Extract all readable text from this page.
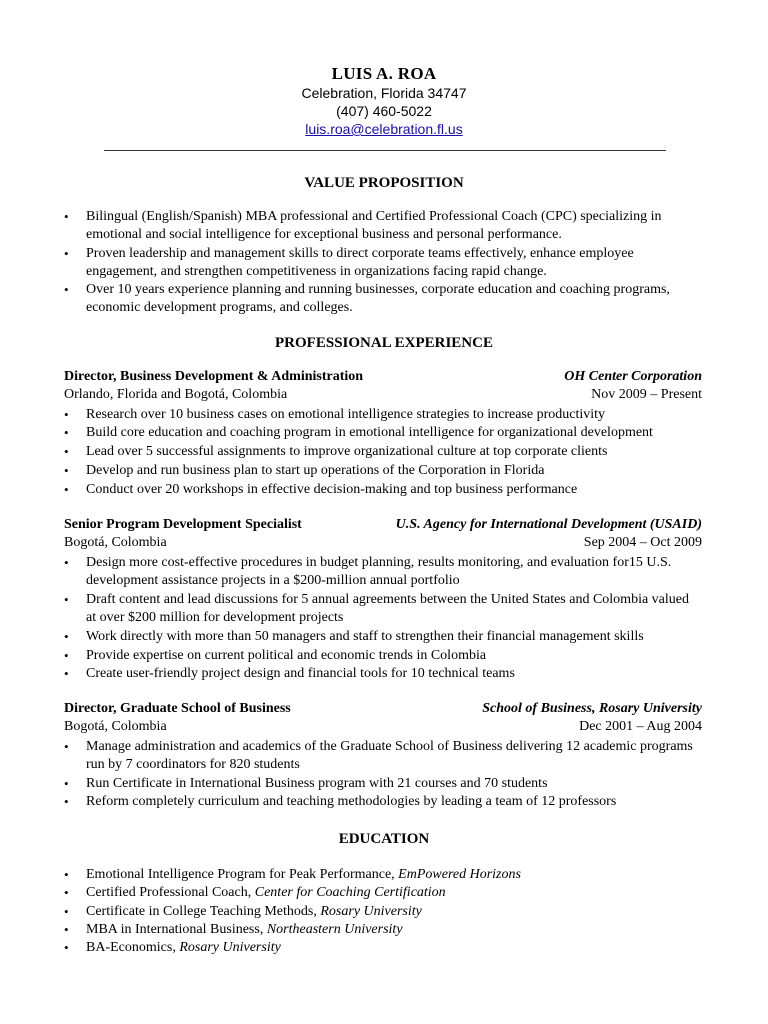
LUIS A. ROA
Celebration, Florida 34747
(407) 460-5022
luis.roa@celebration.fl.us
VALUE PROPOSITION
• Bilingual (English/Spanish) MBA professional and Certified Professional Coach (CPC) specializing in emotional and social intelligence for exceptional business and personal performance.
• Proven leadership and management skills to direct corporate teams effectively, enhance employee engagement, and strengthen competitiveness in organizations facing rapid change.
• Over 10 years experience planning and running businesses, corporate education and coaching programs, economic development programs, and colleges.
PROFESSIONAL EXPERIENCE
Director, Business Development & Administration	OH Center Corporation
Orlando, Florida and Bogotá, Colombia	Nov 2009 – Present
• Research over 10 business cases on emotional intelligence strategies to increase productivity
• Build core education and coaching program in emotional intelligence for organizational development
• Lead over 5 successful assignments to improve organizational culture at top corporate clients
• Develop and run business plan to start up operations of the Corporation in Florida
• Conduct over 20 workshops in effective decision-making and top business performance
Senior Program Development Specialist	U.S. Agency for International Development (USAID)
Bogotá, Colombia	Sep 2004 – Oct 2009
• Design more cost-effective procedures in budget planning, results monitoring, and evaluation for15 U.S. development assistance projects in a $200-million annual portfolio
• Draft content and lead discussions for 5 annual agreements between the United States and Colombia valued at over $200 million for development projects
• Work directly with more than 50 managers and staff to strengthen their financial management skills
• Provide expertise on current political and economic trends in Colombia
• Create user-friendly project design and financial tools for 10 technical teams
Director, Graduate School of Business	School of Business, Rosary University
Bogotá, Colombia	Dec 2001 – Aug 2004
• Manage administration and academics of the Graduate School of Business delivering 12 academic programs run by 7 coordinators for 820 students
• Run Certificate in International Business program with 21 courses and 70 students
• Reform completely curriculum and teaching methodologies by leading a team of 12 professors
EDUCATION
• Emotional Intelligence Program for Peak Performance, EmPowered Horizons
• Certified Professional Coach, Center for Coaching Certification
• Certificate in College Teaching Methods, Rosary University
• MBA in International Business, Northeastern University
• BA-Economics, Rosary University
